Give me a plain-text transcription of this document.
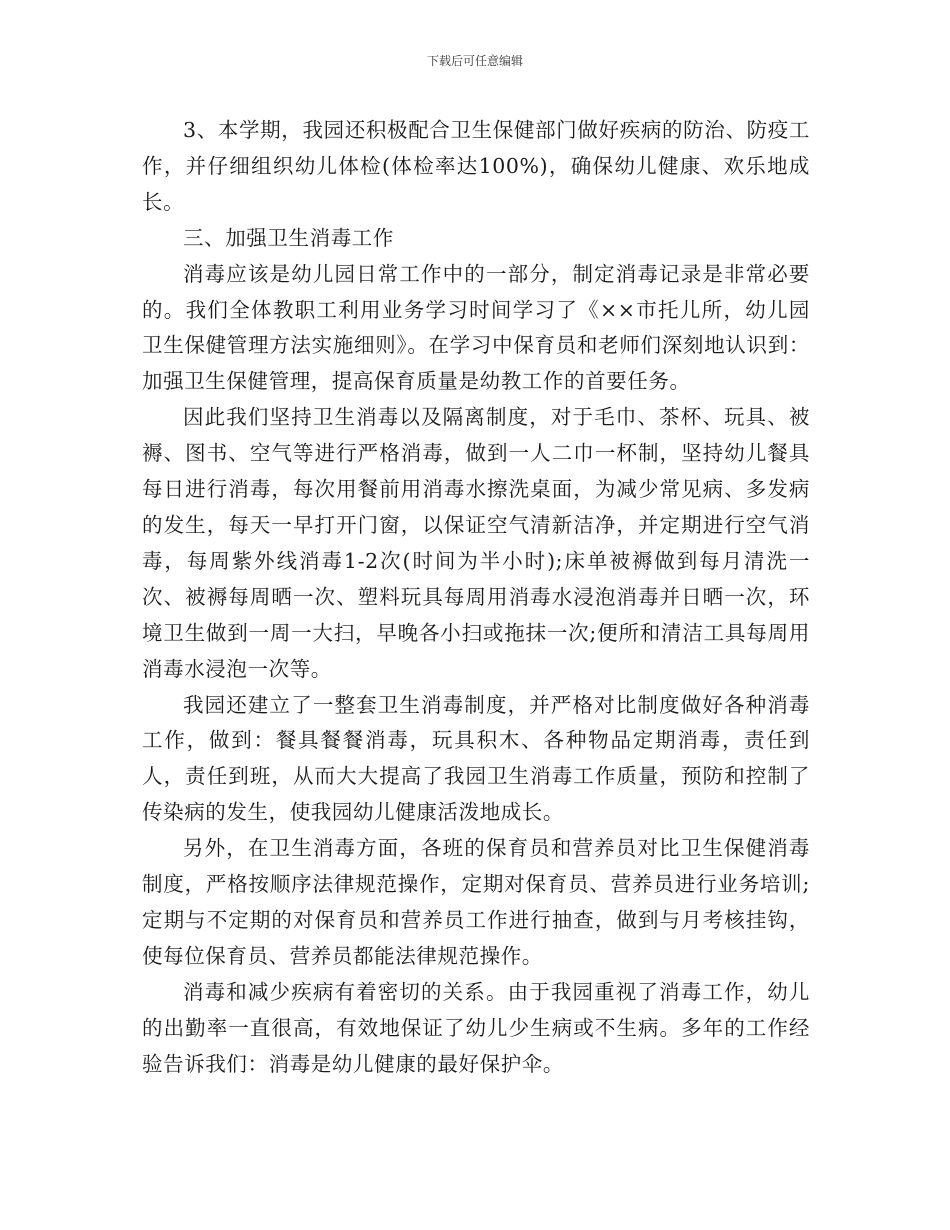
下载后可任意编辑

3、本学期，我园还积极配合卫生保健部门做好疾病的防治、防疫工作，并仔细组织幼儿体检(体检率达100%)，确保幼儿健康、欢乐地成长。

三、加强卫生消毒工作

消毒应该是幼儿园日常工作中的一部分，制定消毒记录是非常必要的。我们全体教职工利用业务学习时间学习了《××市托儿所，幼儿园卫生保健管理方法实施细则》。在学习中保育员和老师们深刻地认识到：加强卫生保健管理，提高保育质量是幼教工作的首要任务。

因此我们坚持卫生消毒以及隔离制度，对于毛巾、茶杯、玩具、被褥、图书、空气等进行严格消毒，做到一人二巾一杯制，坚持幼儿餐具每日进行消毒，每次用餐前用消毒水擦洗桌面，为减少常见病、多发病的发生，每天一早打开门窗，以保证空气清新洁净，并定期进行空气消毒，每周紫外线消毒1-2次(时间为半小时);床单被褥做到每月清洗一次、被褥每周晒一次、塑料玩具每周用消毒水浸泡消毒并日晒一次，环境卫生做到一周一大扫，早晚各小扫或拖抹一次;便所和清洁工具每周用消毒水浸泡一次等。

我园还建立了一整套卫生消毒制度，并严格对比制度做好各种消毒工作，做到：餐具餐餐消毒，玩具积木、各种物品定期消毒，责任到人，责任到班，从而大大提高了我园卫生消毒工作质量，预防和控制了传染病的发生，使我园幼儿健康活泼地成长。

另外，在卫生消毒方面，各班的保育员和营养员对比卫生保健消毒制度，严格按顺序法律规范操作，定期对保育员、营养员进行业务培训;定期与不定期的对保育员和营养员工作进行抽查，做到与月考核挂钩，使每位保育员、营养员都能法律规范操作。

消毒和减少疾病有着密切的关系。由于我园重视了消毒工作，幼儿的出勤率一直很高，有效地保证了幼儿少生病或不生病。多年的工作经验告诉我们：消毒是幼儿健康的最好保护伞。
